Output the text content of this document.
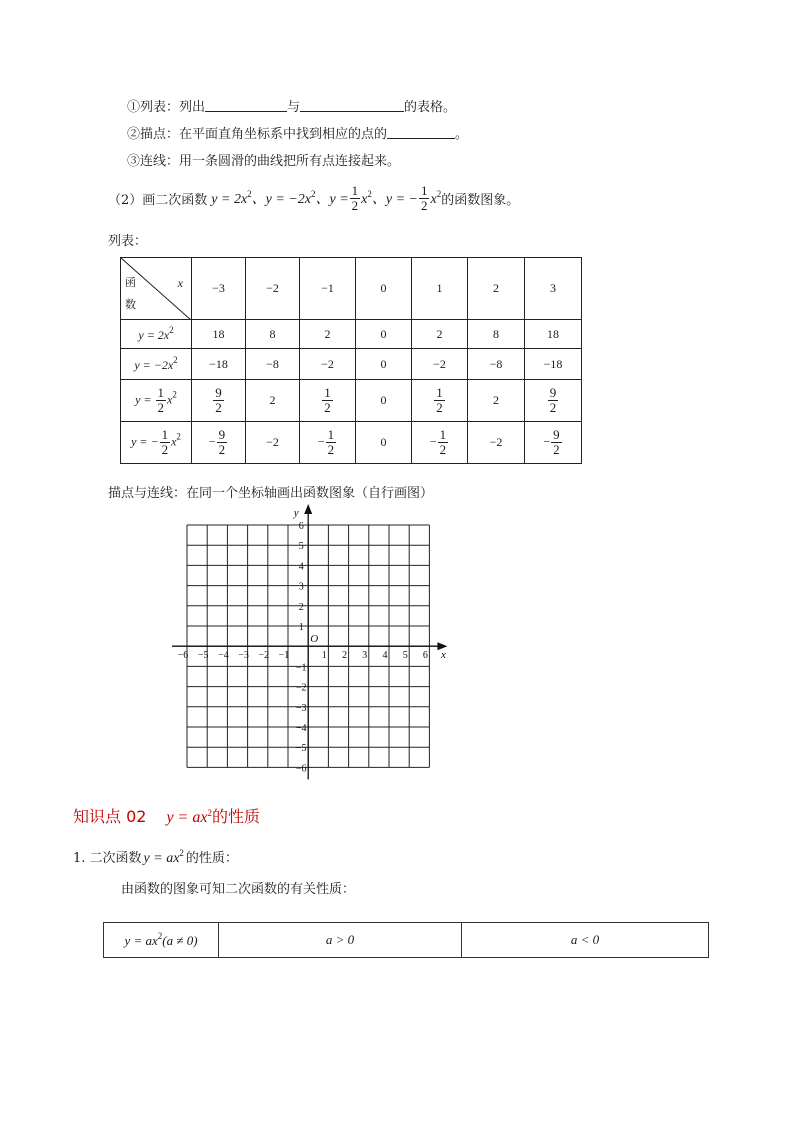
①列表：列出	与	的表格。
②描点：在平面直角坐标系中找到相应的点的	。
③连线：用一条圆滑的曲线把所有点连接起来。
（2）画二次函数 $y = 2x^2$、$y = -2x^2$、$y = \frac{1}{2} x^2$、y = − $\frac{1}{2} x^2$ 的函数图象。
列表：
x
函
数	−3	−2	−1	0	1	2	3
$y = 2x^2$	18	8	2	0	2	8	18
$y = -2x^2$	−18	−8	−2	0	−2	−8	−18
$y = \frac{1}{2} x^2$	$\frac{9}{2}$	2	$\frac{1}{2}$	0	$\frac{1}{2}$	2	$\frac{9}{2}$

y = − $\frac{1}{2} x^2$	− $\frac{9}{2}$	−2	− $\frac{1}{2}$	0	− $\frac{1}{2}$	−2	− $\frac{9}{2}$
描点与连线：在同一个坐标轴画出函数图象（自行画图）
−6 −5 −4 −3 −2 −1	1 2 3 4 5 6
6
5
4
3
2
1
−1
−2
−3
−4
−5
−6
O
x
y
知识点 02 $y = ax^2$ 的性质
1. 二次函数 $y = ax^2$ 的性质：
由函数的图象可知二次函数的有关性质：
$y = ax^2(a \ne 0)$	a > 0	a < 0
